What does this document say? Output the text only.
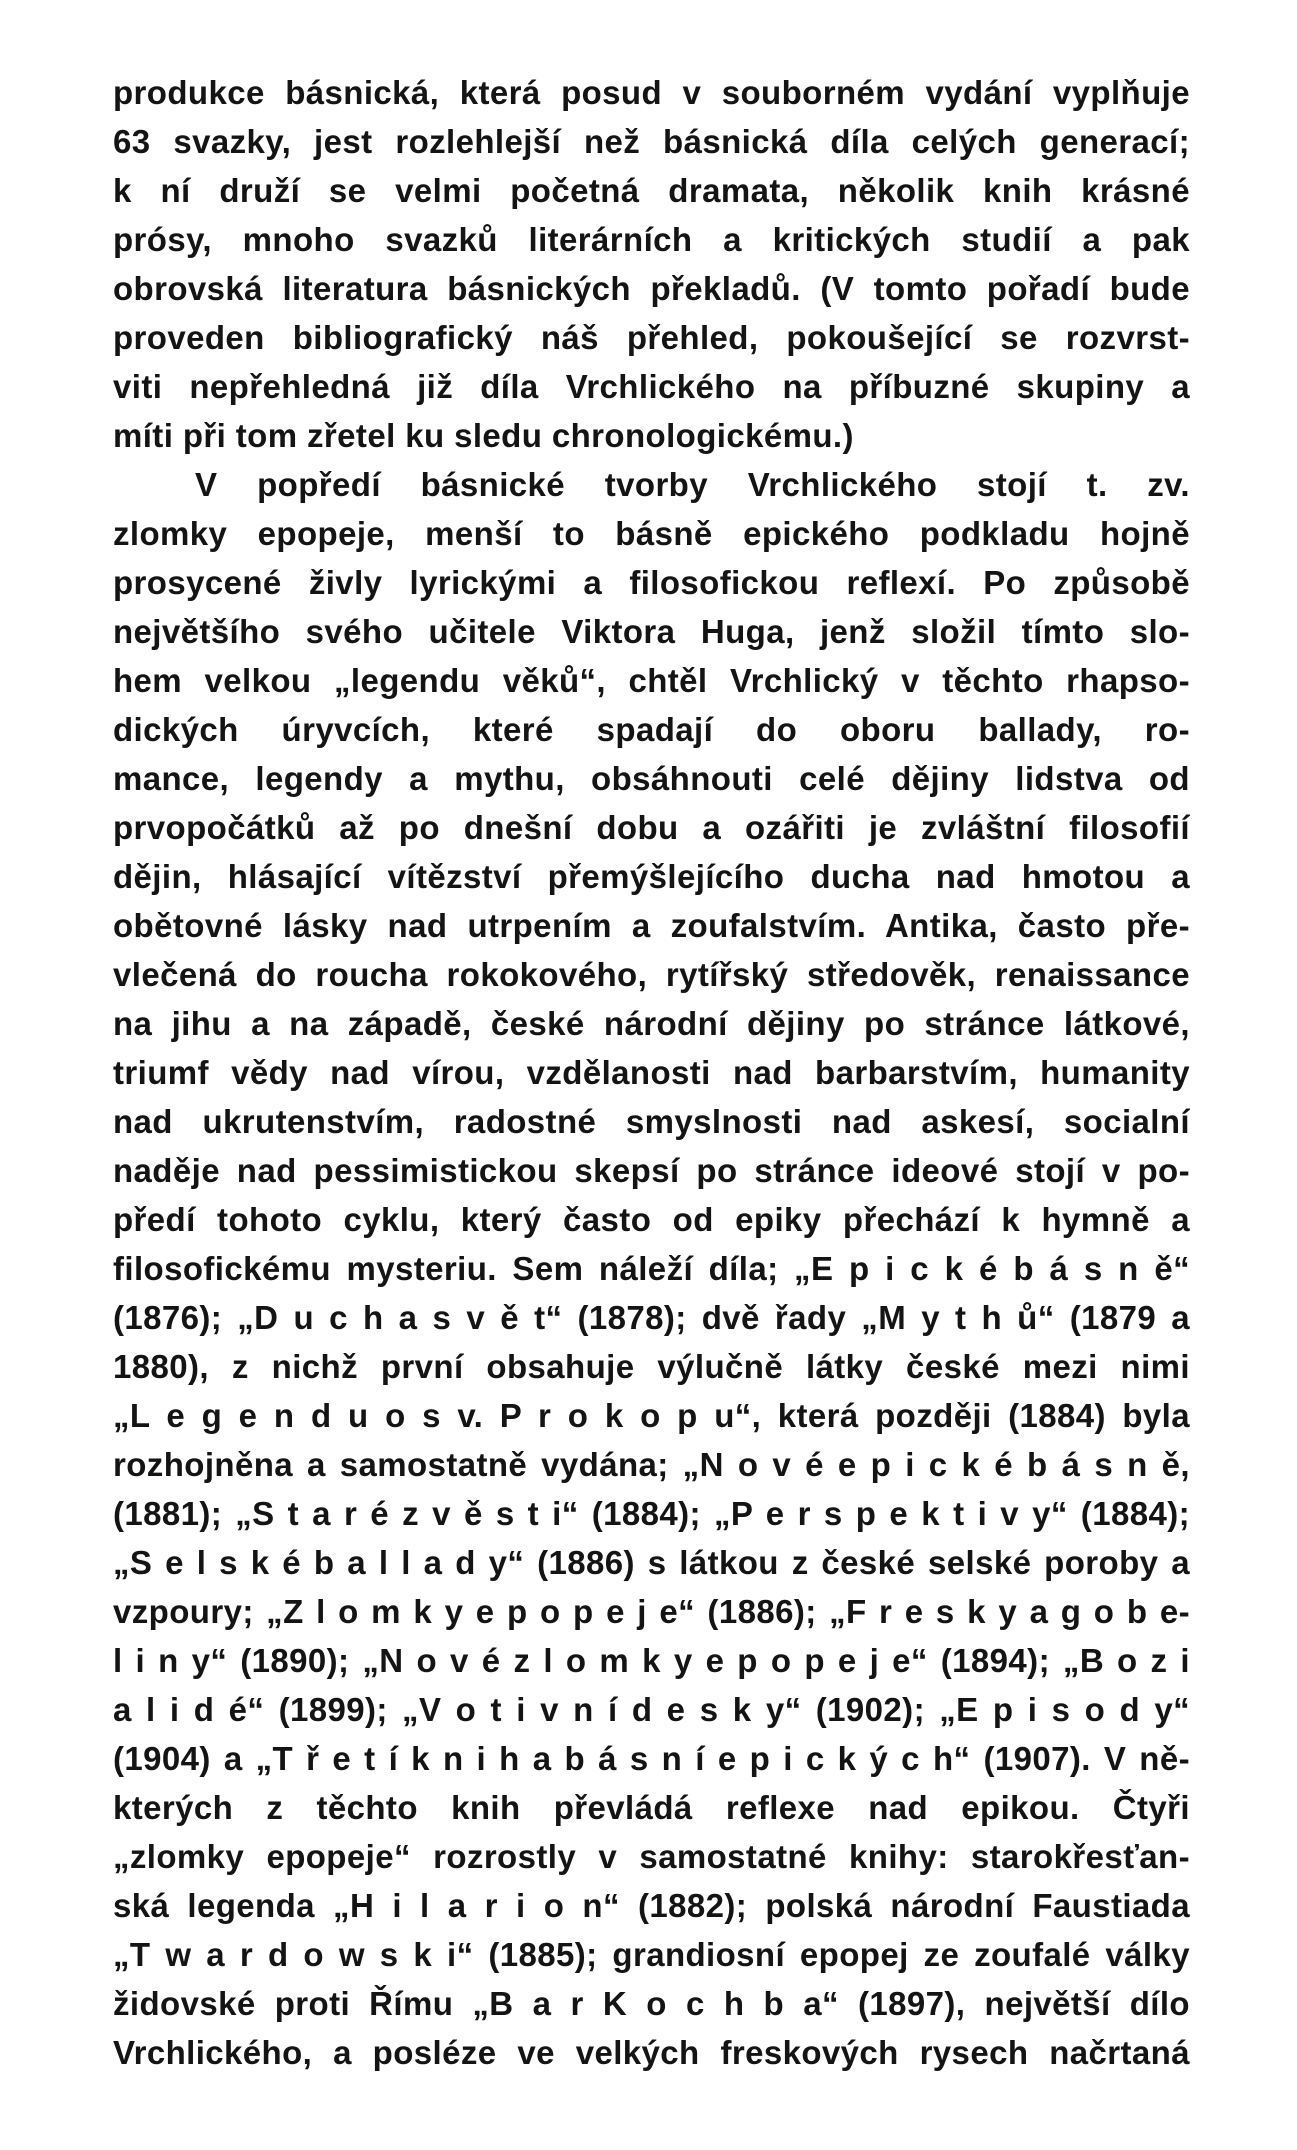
produkce básnická, která posud v souborném vydání vyplňuje
63 svazky, jest rozlehlejší než básnická díla celých generací;
k ní druží se velmi početná dramata, několik knih krásné
prósy, mnoho svazků literárních a kritických studií a pak
obrovská literatura básnických překladů. (V tomto pořadí bude
proveden bibliografický náš přehled, pokoušející se rozvrst-
viti nepřehledná již díla Vrchlického na příbuzné skupiny a
míti při tom zřetel ku sledu chronologickému.)
V popředí básnické tvorby Vrchlického stojí t. zv.
zlomky epopeje, menší to básně epického podkladu hojně
prosycené živly lyrickými a filosofickou reflexí. Po způsobě
největšího svého učitele Viktora Huga, jenž složil tímto slo-
hem velkou „legendu věků“, chtěl Vrchlický v těchto rhapso-
dických úryvcích, které spadají do oboru ballady, ro-
mance, legendy a mythu, obsáhnouti celé dějiny lidstva od
prvopočátků až po dnešní dobu a ozářiti je zvláštní filosofií
dějin, hlásající vítězství přemýšlejícího ducha nad hmotou a
obětovné lásky nad utrpením a zoufalstvím. Antika, často pře-
vlečená do roucha rokokového, rytířský středověk, renaissance
na jihu a na západě, české národní dějiny po stránce látkové,
triumf vědy nad vírou, vzdělanosti nad barbarstvím, humanity
nad ukrutenstvím, radostné smyslnosti nad askesí, socialní
naděje nad pessimistickou skepsí po stránce ideové stojí v po-
předí tohoto cyklu, který často od epiky přechází k hymně a
filosofickému mysteriu. Sem náleží díla; „E p i c k é b á s n ě“
(1876); „D u c h a s v ě t“ (1878); dvě řady „M y t h ů“ (1879 a
1880), z nichž první obsahuje výlučně látky české mezi nimi
„L e g e n d u o s v. P r o k o p u“, která později (1884) byla
rozhojněna a samostatně vydána; „N o v é e p i c k é b á s n ě,
(1881); „S t a r é z v ě s t i“ (1884); „P e r s p e k t i v y“ (1884);
„S e l s k é b a l l a d y“ (1886) s látkou z české selské poroby a
vzpoury; „Z l o m k y e p o p e j e“ (1886); „F r e s k y a g o b e-
l i n y“ (1890); „N o v é z l o m k y e p o p e j e“ (1894); „B o z i
a l i d é“ (1899); „V o t i v n í d e s k y“ (1902); „E p i s o d y“
(1904) a „T ř e t í k n i h a b á s n í e p i c k ý c h“ (1907). V ně-
kterých z těchto knih převládá reflexe nad epikou. Čtyři
„zlomky epopeje“ rozrostly v samostatné knihy: starokřesťan-
ská legenda „H i l a r i o n“ (1882); polská národní Faustiada
„T w a r d o w s k i“ (1885); grandiosní epopej ze zoufalé války
židovské proti Římu „B a r K o c h b a“ (1897), největší dílo
Vrchlického, a posléze ve velkých freskových rysech načrtaná
